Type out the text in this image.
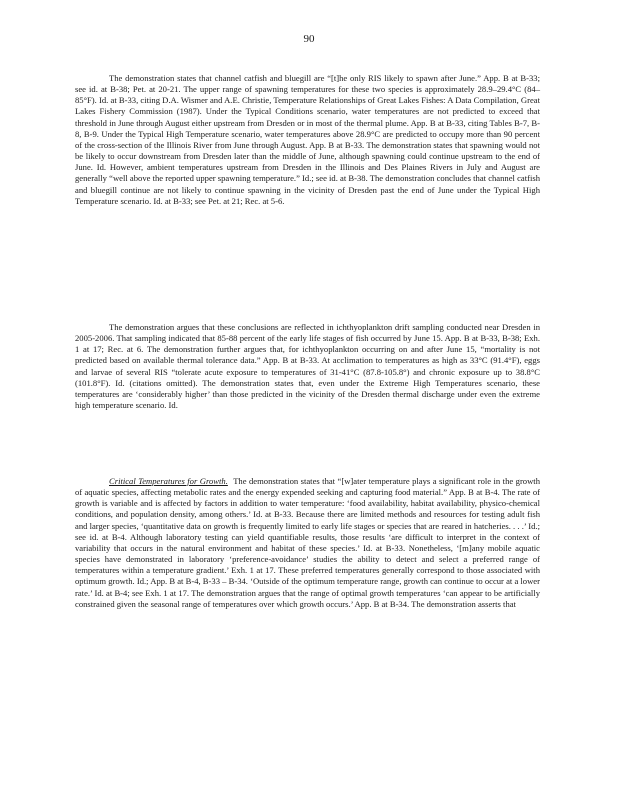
90

The demonstration states that channel catfish and bluegill are “[t]he only RIS likely to spawn after June.” App. B at B-33; see id. at B-38; Pet. at 20-21. The upper range of spawning temperatures for these two species is approximately 28.9–29.4°C (84–85°F). Id. at B-33, citing D.A. Wismer and A.E. Christie, Temperature Relationships of Great Lakes Fishes: A Data Compilation, Great Lakes Fishery Commission (1987). Under the Typical Conditions scenario, water temperatures are not predicted to exceed that threshold in June through August either upstream from Dresden or in most of the thermal plume. App. B at B-33, citing Tables B-7, B-8, B-9. Under the Typical High Temperature scenario, water temperatures above 28.9°C are predicted to occupy more than 90 percent of the cross-section of the Illinois River from June through August. App. B at B-33. The demonstration states that spawning would not be likely to occur downstream from Dresden later than the middle of June, although spawning could continue upstream to the end of June. Id. However, ambient temperatures upstream from Dresden in the Illinois and Des Plaines Rivers in July and August are generally “well above the reported upper spawning temperature.” Id.; see id. at B-38. The demonstration concludes that channel catfish and bluegill continue are not likely to continue spawning in the vicinity of Dresden past the end of June under the Typical High Temperature scenario. Id. at B-33; see Pet. at 21; Rec. at 5-6.

The demonstration argues that these conclusions are reflected in ichthyoplankton drift sampling conducted near Dresden in 2005-2006. That sampling indicated that 85-88 percent of the early life stages of fish occurred by June 15. App. B at B-33, B-38; Exh. 1 at 17; Rec. at 6. The demonstration further argues that, for ichthyoplankton occurring on and after June 15, “mortality is not predicted based on available thermal tolerance data.” App. B at B-33. At acclimation to temperatures as high as 33°C (91.4°F), eggs and larvae of several RIS “tolerate acute exposure to temperatures of 31-41°C (87.8-105.8°) and chronic exposure up to 38.8°C (101.8°F). Id. (citations omitted). The demonstration states that, even under the Extreme High Temperatures scenario, these temperatures are ‘considerably higher’ than those predicted in the vicinity of the Dresden thermal discharge under even the extreme high temperature scenario. Id.

Critical Temperatures for Growth. The demonstration states that “[w]ater temperature plays a significant role in the growth of aquatic species, affecting metabolic rates and the energy expended seeking and capturing food material.” App. B at B-4. The rate of growth is variable and is affected by factors in addition to water temperature: ‘food availability, habitat availability, physico-chemical conditions, and population density, among others.’ Id. at B-33. Because there are limited methods and resources for testing adult fish and larger species, ‘quantitative data on growth is frequently limited to early life stages or species that are reared in hatcheries. . . .’ Id.; see id. at B-4. Although laboratory testing can yield quantifiable results, those results ‘are difficult to interpret in the context of variability that occurs in the natural environment and habitat of these species.’ Id. at B-33. Nonetheless, ‘[m]any mobile aquatic species have demonstrated in laboratory ‘preference-avoidance’ studies the ability to detect and select a preferred range of temperatures within a temperature gradient.’ Exh. 1 at 17. These preferred temperatures generally correspond to those associated with optimum growth. Id.; App. B at B-4, B-33 – B-34. ‘Outside of the optimum temperature range, growth can continue to occur at a lower rate.’ Id. at B-4; see Exh. 1 at 17. The demonstration argues that the range of optimal growth temperatures ‘can appear to be artificially constrained given the seasonal range of temperatures over which growth occurs.’ App. B at B-34. The demonstration asserts that
